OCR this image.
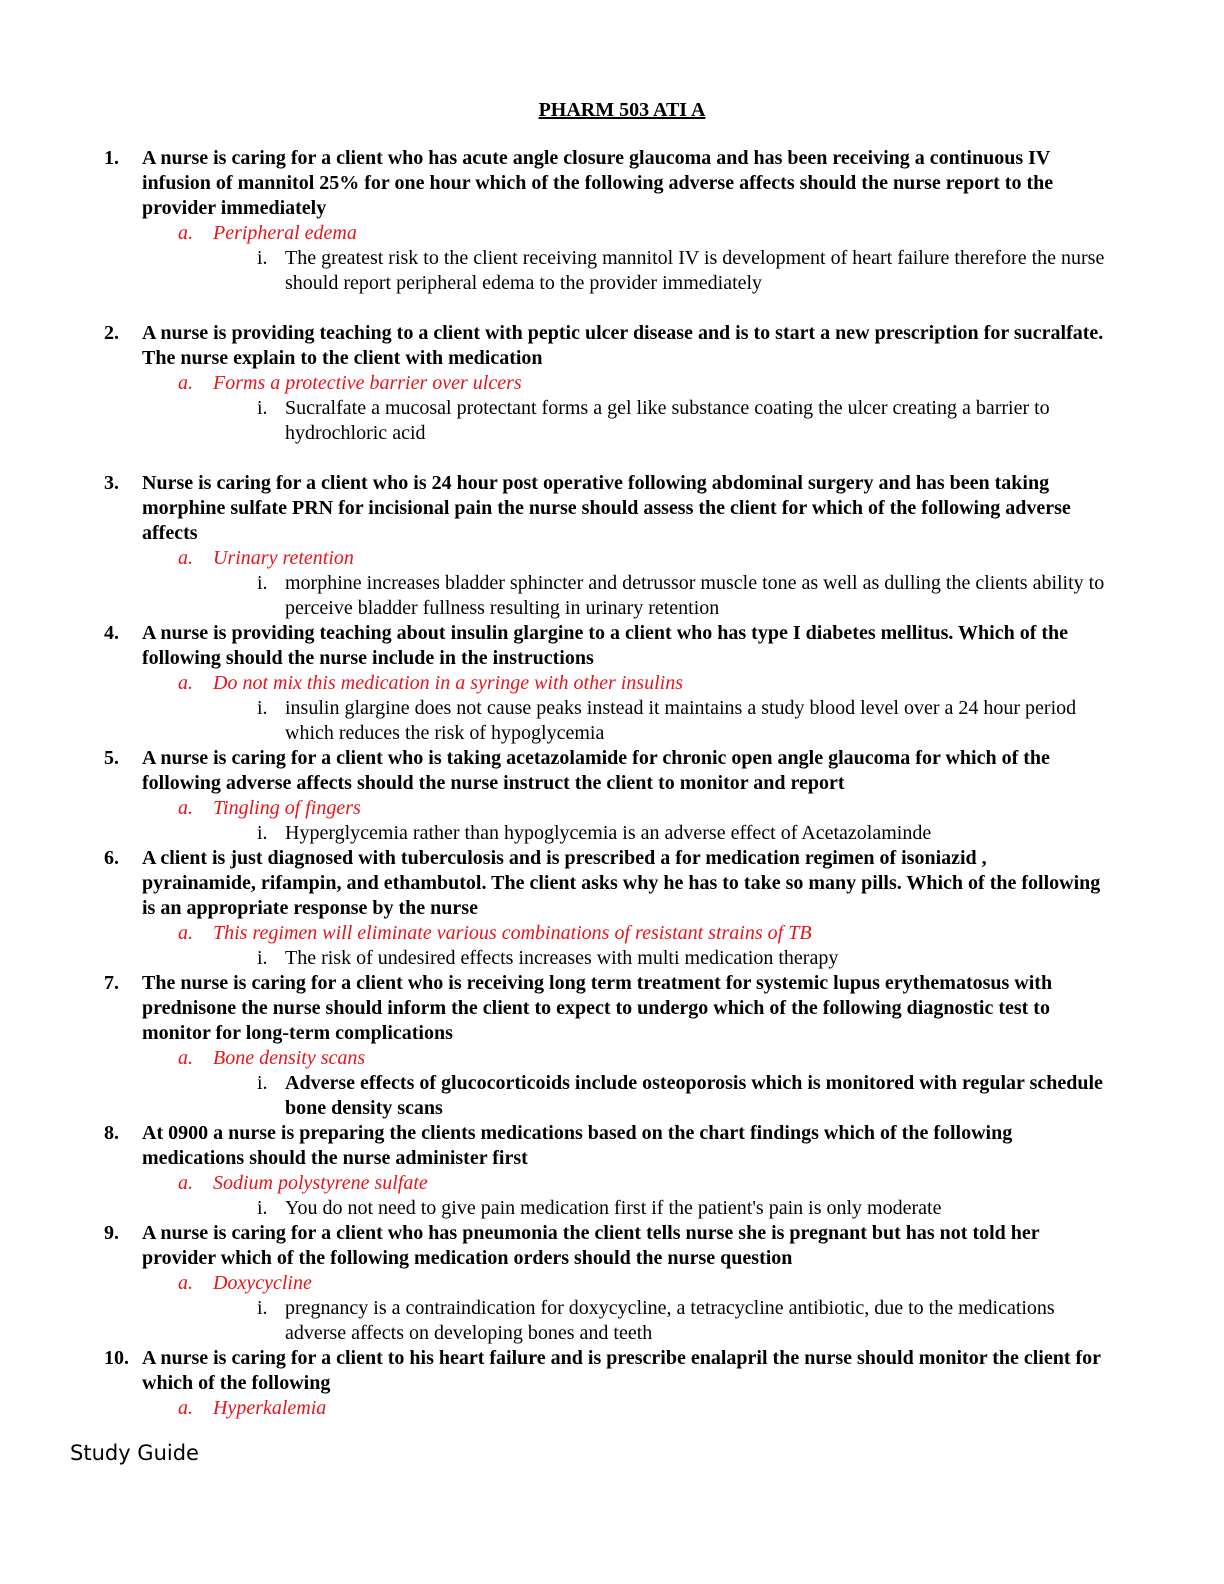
PHARM 503 ATI A
1.	A nurse is caring for a client who has acute angle closure glaucoma and has been receiving a continuous IV infusion of mannitol 25% for one hour which of the following adverse affects should the nurse report to the provider immediately
a. Peripheral edema
i. The greatest risk to the client receiving mannitol IV is development of heart failure therefore the nurse should report peripheral edema to the provider immediately
2.	A nurse is providing teaching to a client with peptic ulcer disease and is to start a new prescription for sucralfate. The nurse explain to the client with medication
a. Forms a protective barrier over ulcers
i. Sucralfate a mucosal protectant forms a gel like substance coating the ulcer creating a barrier to hydrochloric acid
3.	Nurse is caring for a client who is 24 hour post operative following abdominal surgery and has been taking morphine sulfate PRN for incisional pain the nurse should assess the client for which of the following adverse affects
a. Urinary retention
i. morphine increases bladder sphincter and detrussor muscle tone as well as dulling the clients ability to perceive bladder fullness resulting in urinary retention
4.	A nurse is providing teaching about insulin glargine to a client who has type I diabetes mellitus. Which of the following should the nurse include in the instructions
a. Do not mix this medication in a syringe with other insulins
i. insulin glargine does not cause peaks instead it maintains a study blood level over a 24 hour period which reduces the risk of hypoglycemia
5.	A nurse is caring for a client who is taking acetazolamide for chronic open angle glaucoma for which of the following adverse affects should the nurse instruct the client to monitor and report
a. Tingling of fingers
i. Hyperglycemia rather than hypoglycemia is an adverse effect of Acetazolaminde
6.	A client is just diagnosed with tuberculosis and is prescribed a for medication regimen of isoniazid , pyrainamide, rifampin, and ethambutol. The client asks why he has to take so many pills. Which of the following is an appropriate response by the nurse
a. This regimen will eliminate various combinations of resistant strains of TB
i. The risk of undesired effects increases with multi medication therapy
7.	The nurse is caring for a client who is receiving long term treatment for systemic lupus erythematosus with prednisone the nurse should inform the client to expect to undergo which of the following diagnostic test to monitor for long-term complications
a. Bone density scans
i. Adverse effects of glucocorticoids include osteoporosis which is monitored with regular schedule bone density scans
8.	At 0900 a nurse is preparing the clients medications based on the chart findings which of the following medications should the nurse administer first
a. Sodium polystyrene sulfate
i. You do not need to give pain medication first if the patient's pain is only moderate
9.	A nurse is caring for a client who has pneumonia the client tells nurse she is pregnant but has not told her provider which of the following medication orders should the nurse question
a. Doxycycline
i. pregnancy is a contraindication for doxycycline, a tetracycline antibiotic, due to the medications adverse affects on developing bones and teeth
10. A nurse is caring for a client to his heart failure and is prescribe enalapril the nurse should monitor the client for which of the following
a. Hyperkalemia
Study Guide
